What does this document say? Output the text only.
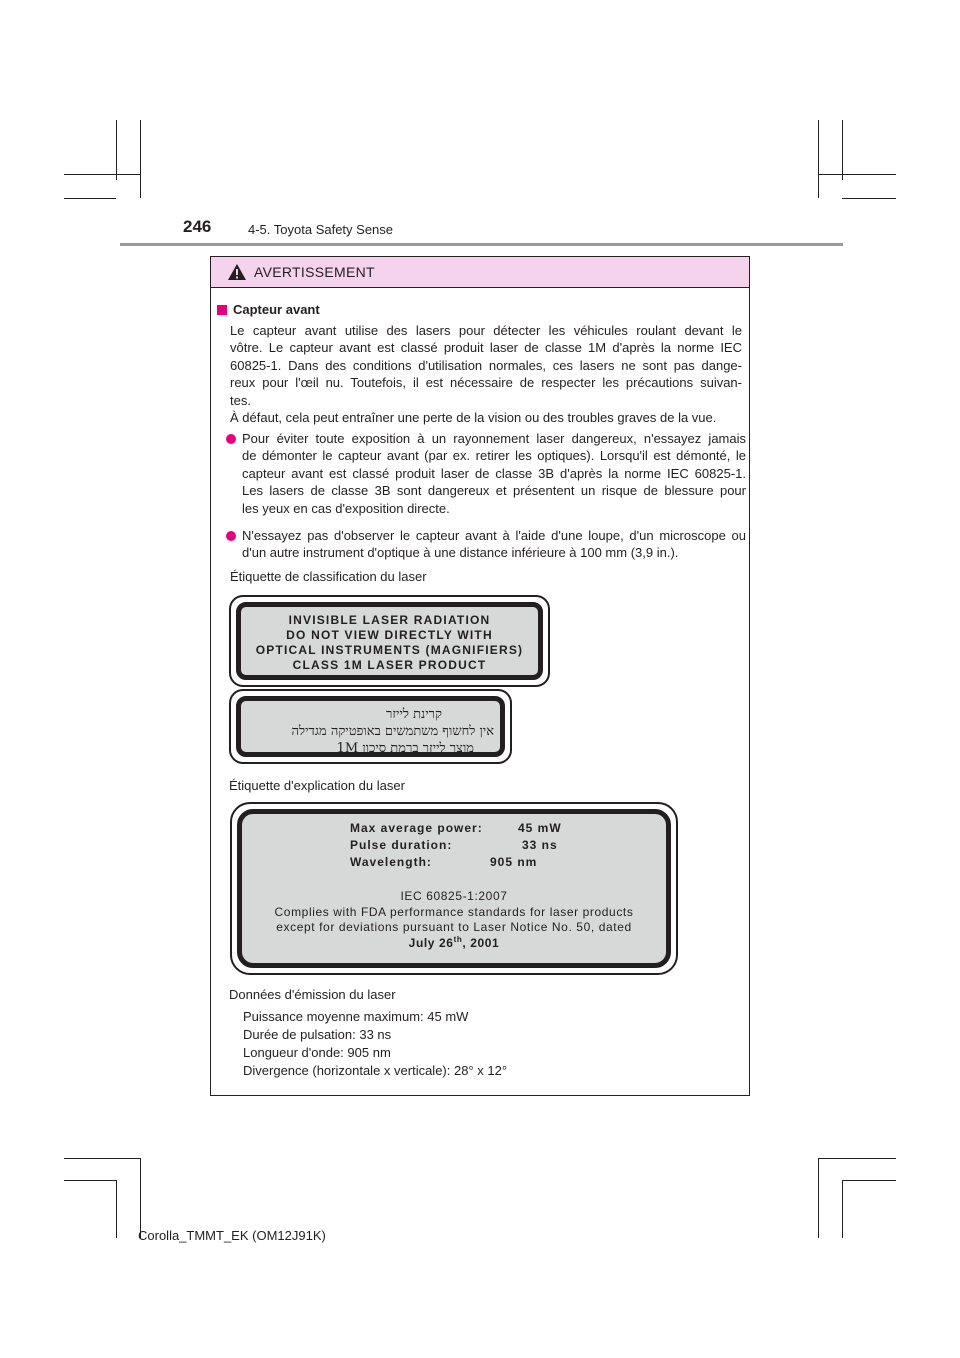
246	4-5. Toyota Safety Sense
AVERTISSEMENT
Capteur avant
Le capteur avant utilise des lasers pour détecter les véhicules roulant devant le
vôtre. Le capteur avant est classé produit laser de classe 1M d'après la norme IEC
60825-1. Dans des conditions d'utilisation normales, ces lasers ne sont pas dange-
reux pour l'œil nu. Toutefois, il est nécessaire de respecter les précautions suivan-
tes.
À défaut, cela peut entraîner une perte de la vision ou des troubles graves de la vue.
Pour éviter toute exposition à un rayonnement laser dangereux, n'essayez jamais
de démonter le capteur avant (par ex. retirer les optiques). Lorsqu'il est démonté, le
capteur avant est classé produit laser de classe 3B d'après la norme IEC 60825-1.
Les lasers de classe 3B sont dangereux et présentent un risque de blessure pour
les yeux en cas d'exposition directe.
N'essayez pas d'observer le capteur avant à l'aide d'une loupe, d'un microscope ou
d'un autre instrument d'optique à une distance inférieure à 100 mm (3,9 in.).
Étiquette de classification du laser
INVISIBLE LASER RADIATION
DO NOT VIEW DIRECTLY WITH
OPTICAL INSTRUMENTS (MAGNIFIERS)
CLASS 1M LASER PRODUCT
קרינת לייזר
אין לחשוף משתמשים באופטיקה מגדילה
מוצר לייזר ברמת סיכון 1M
Étiquette d'explication du laser
Max average power:	45 mW
Pulse duration:	33 ns
Wavelength:	905 nm
IEC 60825-1:2007
Complies with FDA performance standards for laser products
except for deviations pursuant to Laser Notice No. 50, dated
July 26th, 2001
Données d'émission du laser
Puissance moyenne maximum: 45 mW
Durée de pulsation: 33 ns
Longueur d'onde: 905 nm
Divergence (horizontale x verticale): 28° x 12°
Corolla_TMMT_EK (OM12J91K)
